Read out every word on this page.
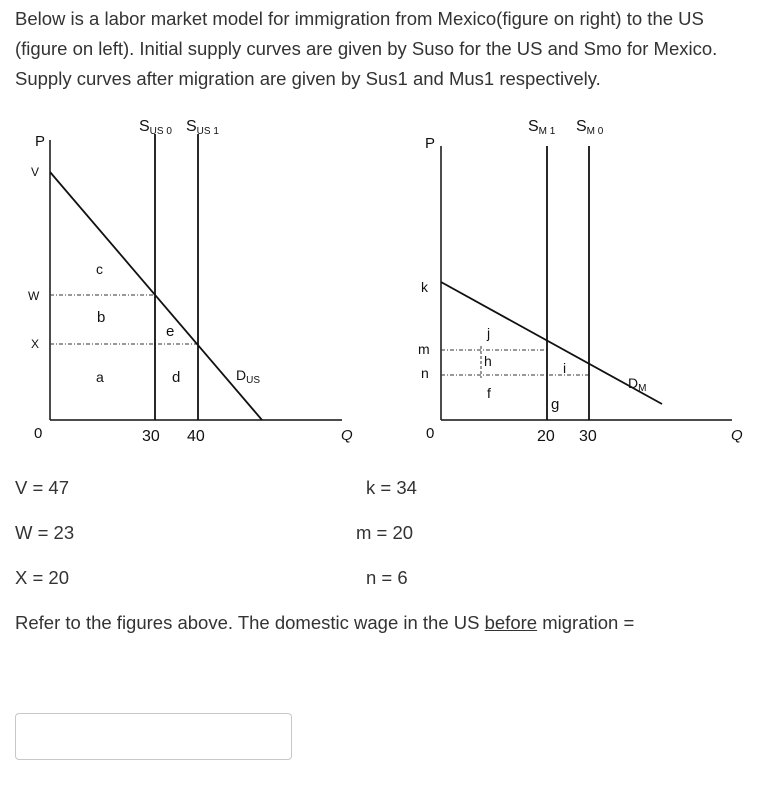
Below is a labor market model for immigration from Mexico(figure on right) to the US (figure on left). Initial supply curves are given by Suso for the US and Smo for Mexico. Supply curves after migration are given by Sus1 and Mus1 respectively.

P
Q
0
V
W
X
c
b
e
a	d
30 40
SUS 0 SUS 1
$D_{US}$
P
Q
0
k
m
n
j
h
f
i
g
20 30
SM 1 SM 0
$D_M$
V = 47	k = 34
W = 23	m = 20
X = 20	n = 6
Refer to the figures above. The domestic wage in the US before migration =
